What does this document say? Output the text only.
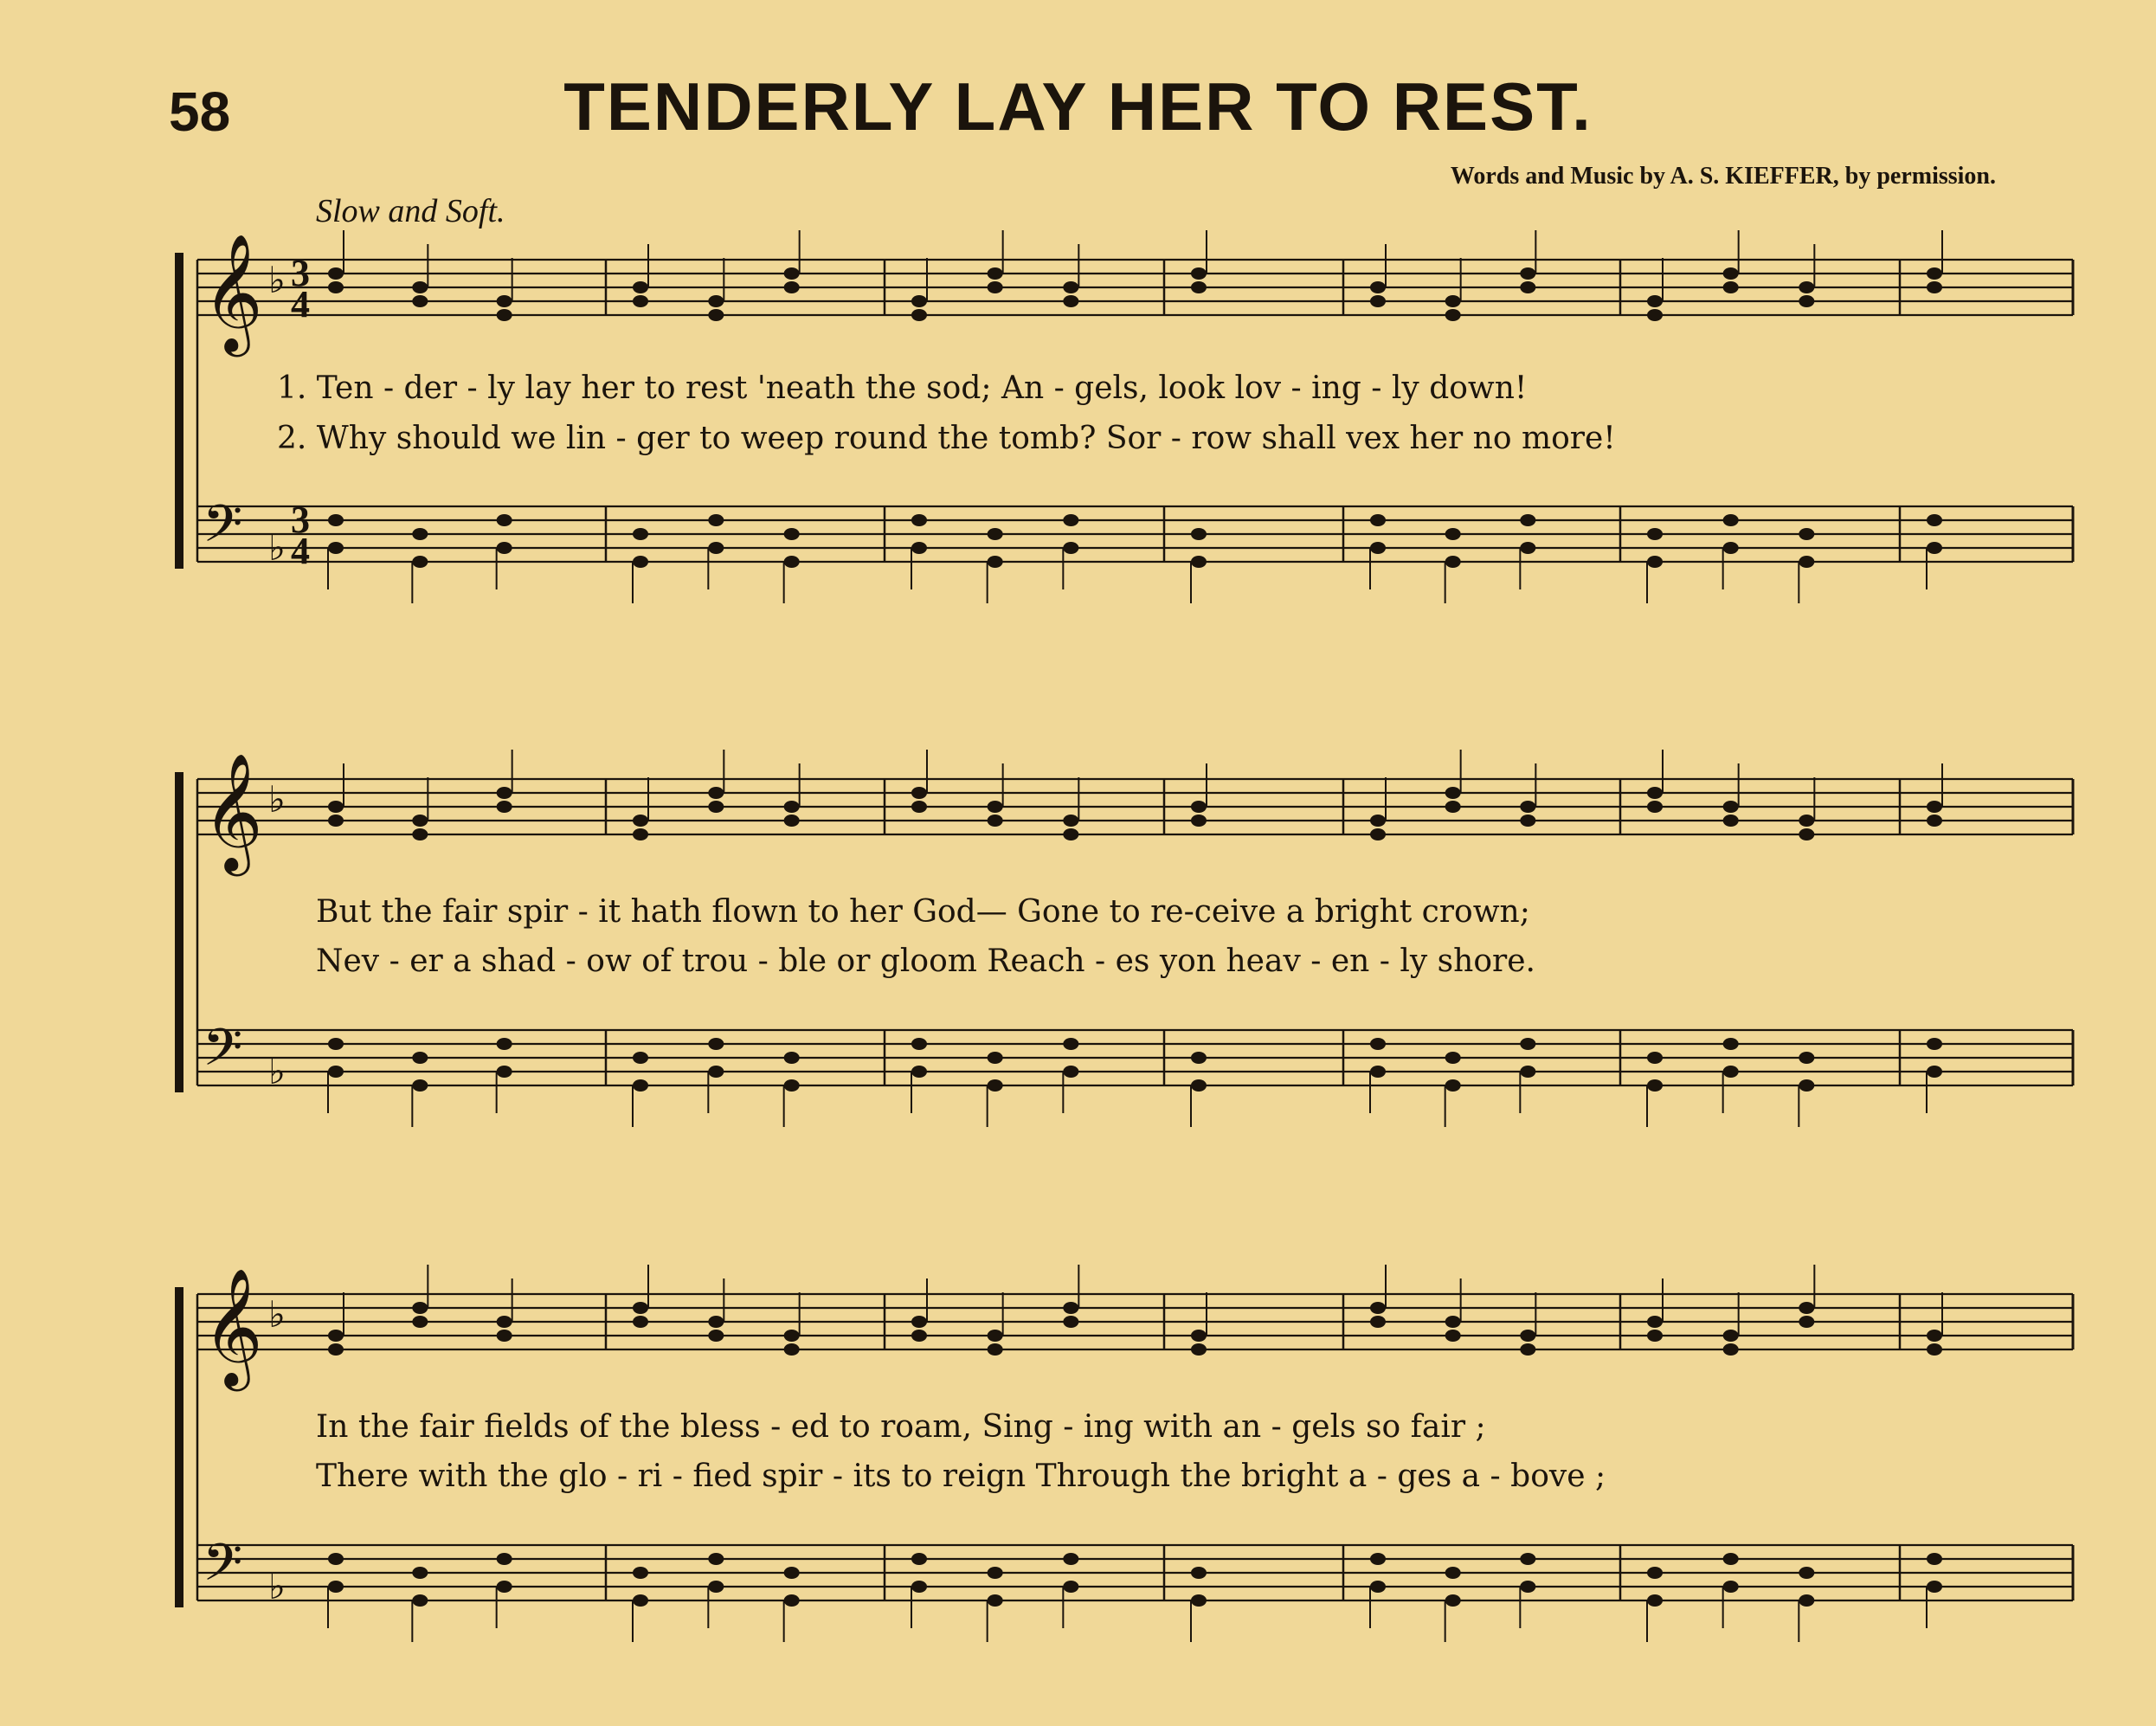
58	TENDERLY LAY HER TO REST.
Words and Music by A. S. KIEFFER, by permission.
Slow and Soft.
𝄞
𝄢
♭
♭
3
4
3
4
𝄞
𝄢
♭
♭
𝄞
𝄢
♭
♭
1. Ten - der - ly lay her to rest 'neath the sod; An - gels, look lov - ing - ly down!
2. Why should we lin - ger to weep round the tomb? Sor - row shall vex her no more!
But the fair spir - it hath flown to her God— Gone to re-ceive a bright crown;
Nev - er a shad - ow of trou - ble or gloom Reach - es yon heav - en - ly shore.
In the fair fields of the bless - ed to roam, Sing - ing with an - gels so fair ;
There with the glo - ri - fied spir - its to reign Through the bright a - ges a - bove ;
